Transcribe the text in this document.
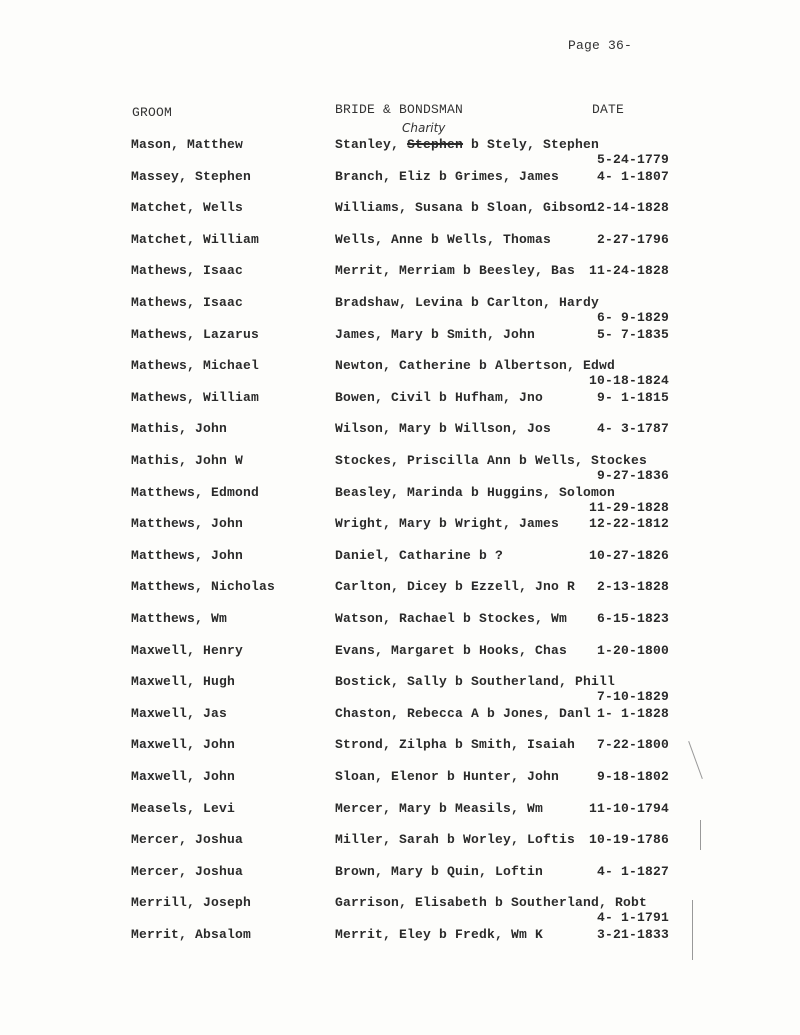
Page 36-
GROOM	BRIDE & BONDSMAN	DATE
Charity
Mason, Matthew	Stanley, Stephen b Stely, Stephen
5-24-1779
Massey, Stephen	Branch, Eliz b Grimes, James	4- 1-1807
Matchet, Wells	Williams, Susana b Sloan, Gibson
12-14-1828
Matchet, William	Wells, Anne b Wells, Thomas	2-27-1796
Mathews, Isaac	Merrit, Merriam b Beesley, Bas 11-24-1828
Mathews, Isaac	Bradshaw, Levina b Carlton, Hardy
6- 9-1829
Mathews, Lazarus	James, Mary b Smith, John	5- 7-1835
Mathews, Michael	Newton, Catherine b Albertson, Edwd
10-18-1824
Mathews, William	Bowen, Civil b Hufham, Jno	9- 1-1815
Mathis, John	Wilson, Mary b Willson, Jos	4- 3-1787
Mathis, John W	Stockes, Priscilla Ann b Wells, Stockes
9-27-1836
Matthews, Edmond	Beasley, Marinda b Huggins, Solomon
11-29-1828
Matthews, John	Wright, Mary b Wright, James 12-22-1812
Matthews, John	Daniel, Catharine b ?	10-27-1826
Matthews, Nicholas	Carlton, Dicey b Ezzell, Jno R 2-13-1828
Matthews, Wm	Watson, Rachael b Stockes, Wm 6-15-1823
Maxwell, Henry	Evans, Margaret b Hooks, Chas 1-20-1800
Maxwell, Hugh	Bostick, Sally b Southerland, Phill
7-10-1829
Maxwell, Jas	Chaston, Rebecca A b Jones, Danl 1- 1-1828
Maxwell, John	Strond, Zilpha b Smith, Isaiah 7-22-1800
Maxwell, John	Sloan, Elenor b Hunter, John	9-18-1802
Measels, Levi	Mercer, Mary b Measils, Wm	11-10-1794
Mercer, Joshua	Miller, Sarah b Worley, Loftis 10-19-1786
Mercer, Joshua	Brown, Mary b Quin, Loftin	4- 1-1827
Merrill, Joseph	Garrison, Elisabeth b Southerland, Robt
4- 1-1791
Merrit, Absalom	Merrit, Eley b Fredk, Wm K	3-21-1833
